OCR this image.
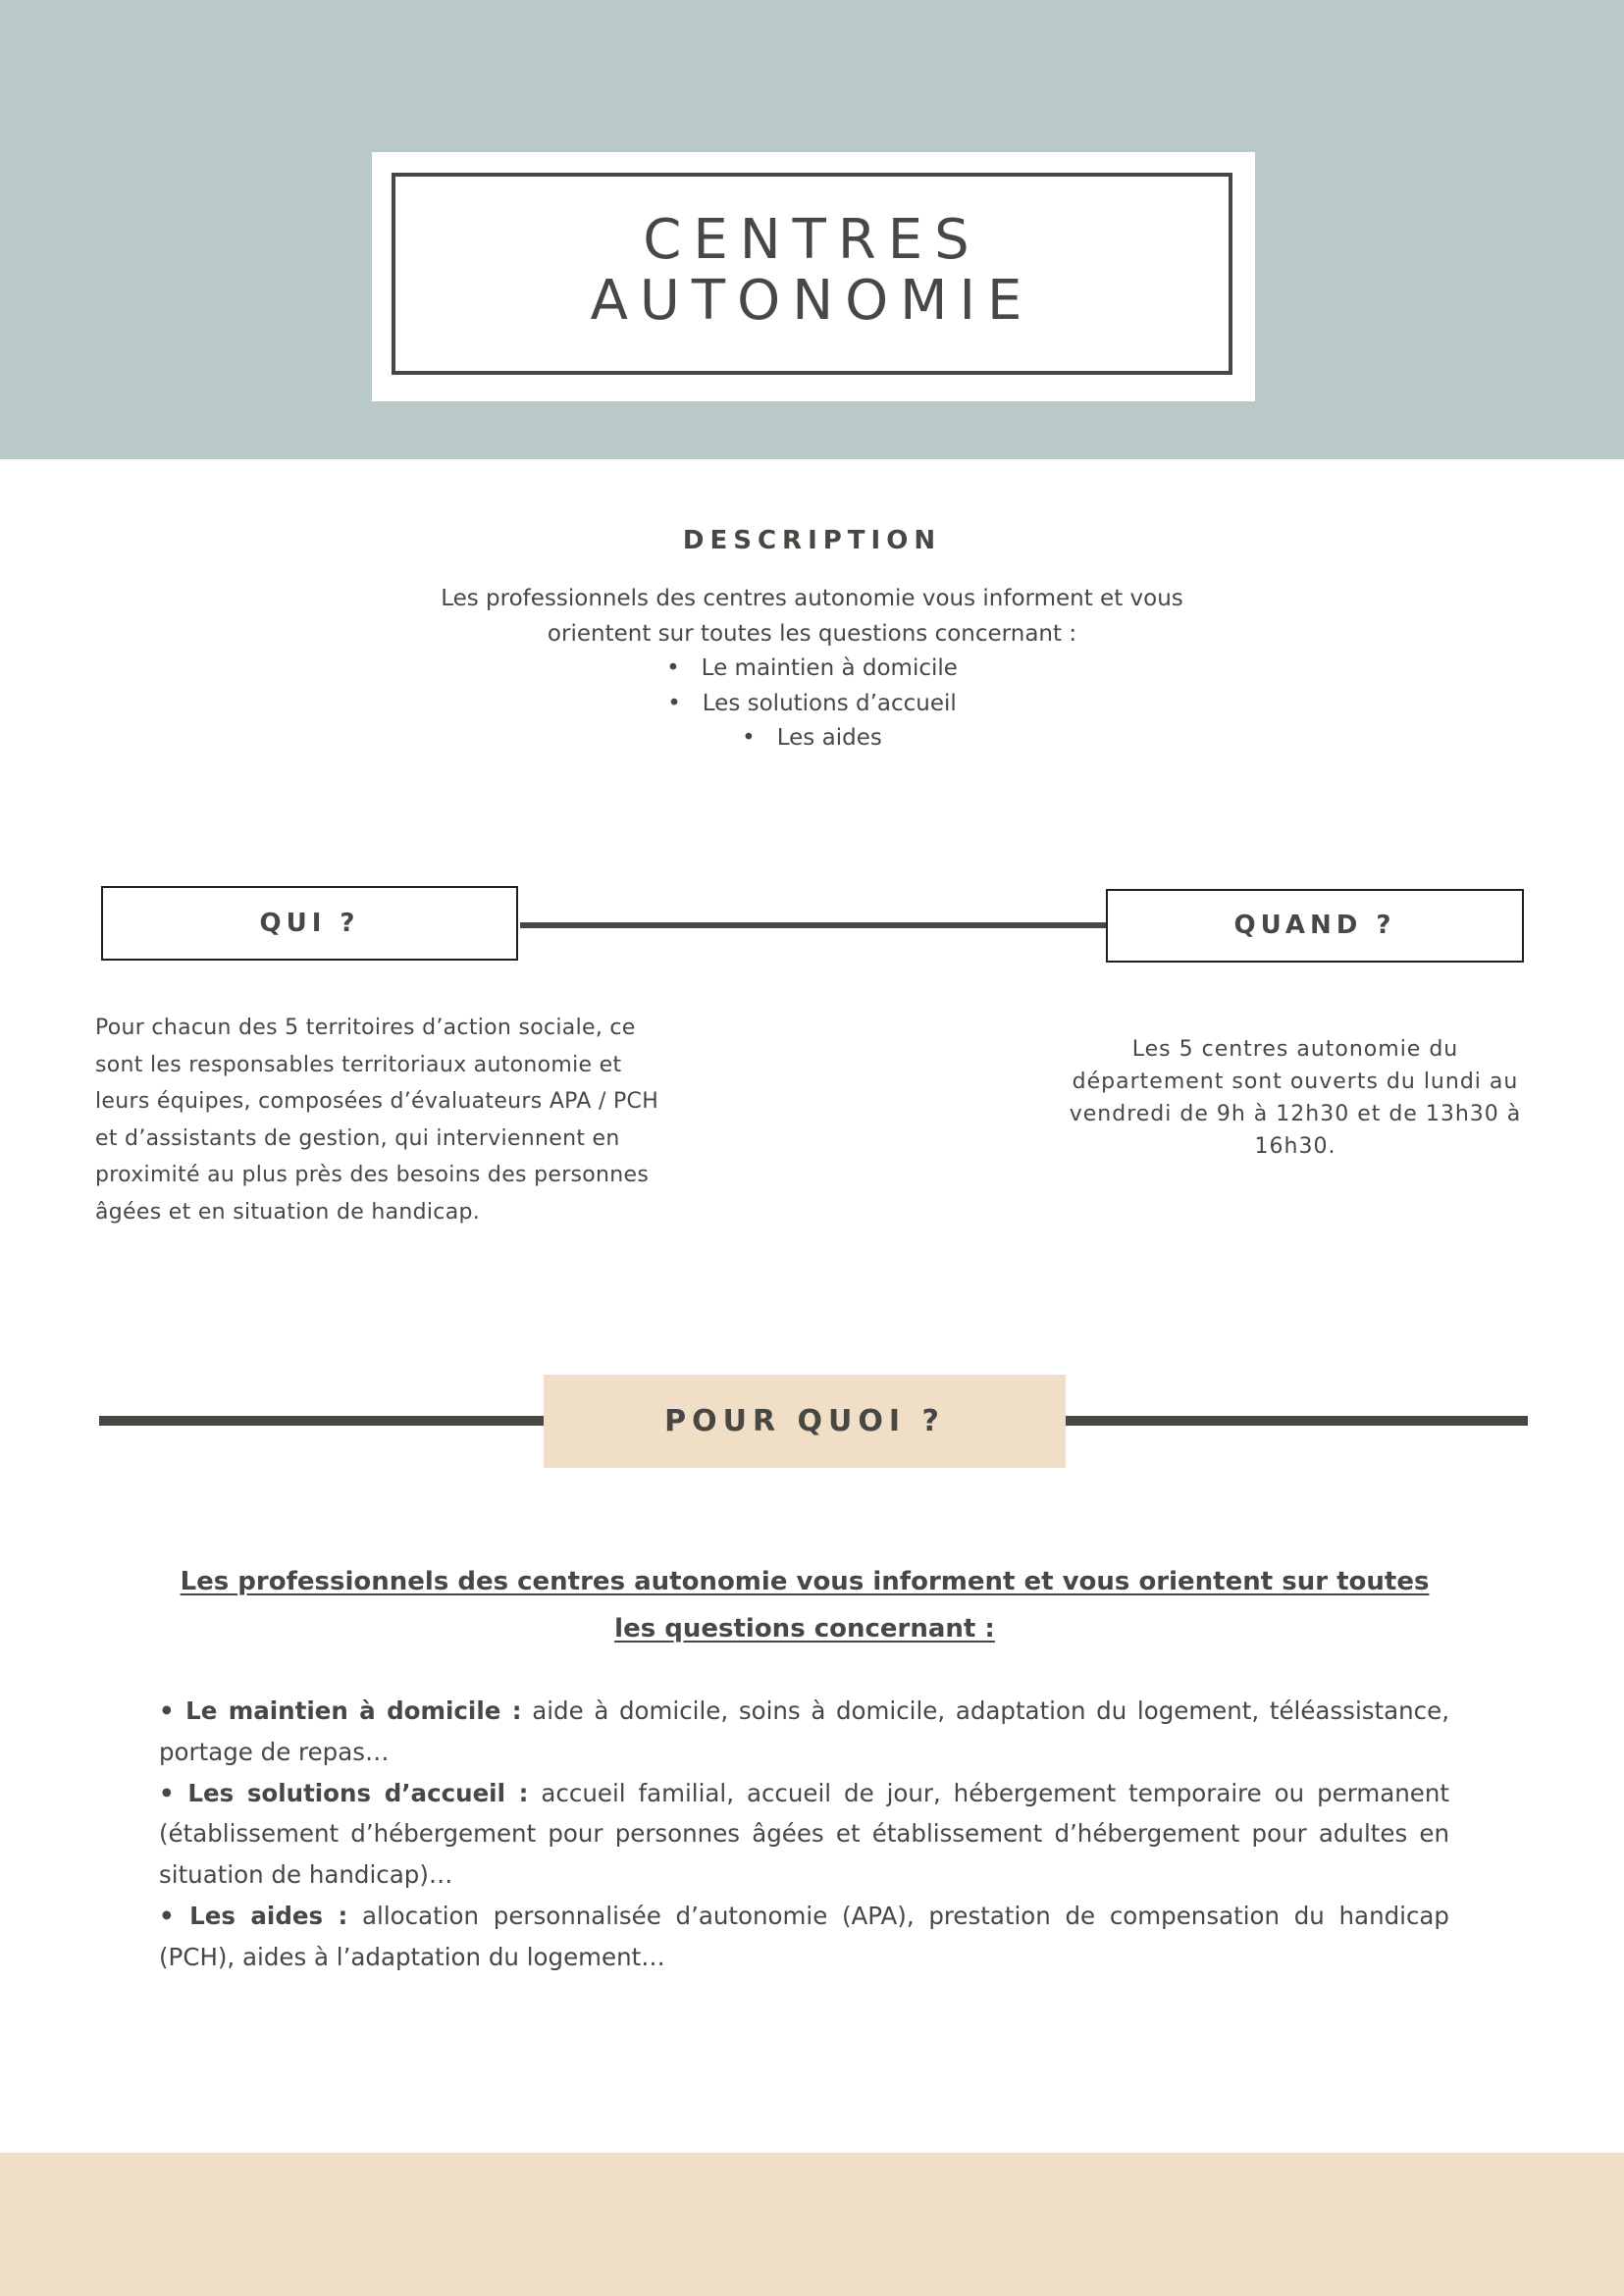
CENTRES
AUTONOMIE
DESCRIPTION
Les professionnels des centres autonomie vous informent et vous orientent sur toutes les questions concernant :
• Le maintien à domicile
• Les solutions d’accueil
• Les aides
QUI ?	QUAND ?
Pour chacun des 5 territoires d’action sociale, ce sont les responsables territoriaux autonomie et leurs équipes, composées d’évaluateurs APA / PCH et d’assistants de gestion, qui interviennent en proximité au plus près des besoins des personnes âgées et en situation de handicap.
Les 5 centres autonomie du département sont ouverts du lundi au vendredi de 9h à 12h30 et de 13h30 à 16h30.
POUR QUOI ?
Les professionnels des centres autonomie vous informent et vous orientent sur toutes les questions concernant :

• Le maintien à domicile : aide à domicile, soins à domicile, adaptation du logement, téléassistance, portage de repas…

• Les solutions d’accueil : accueil familial, accueil de jour, hébergement temporaire ou permanent (établissement d’hébergement pour personnes âgées et établissement d’hébergement pour adultes en situation de handicap)…

• Les aides : allocation personnalisée d’autonomie (APA), prestation de compensation du handicap (PCH), aides à l’adaptation du logement…
